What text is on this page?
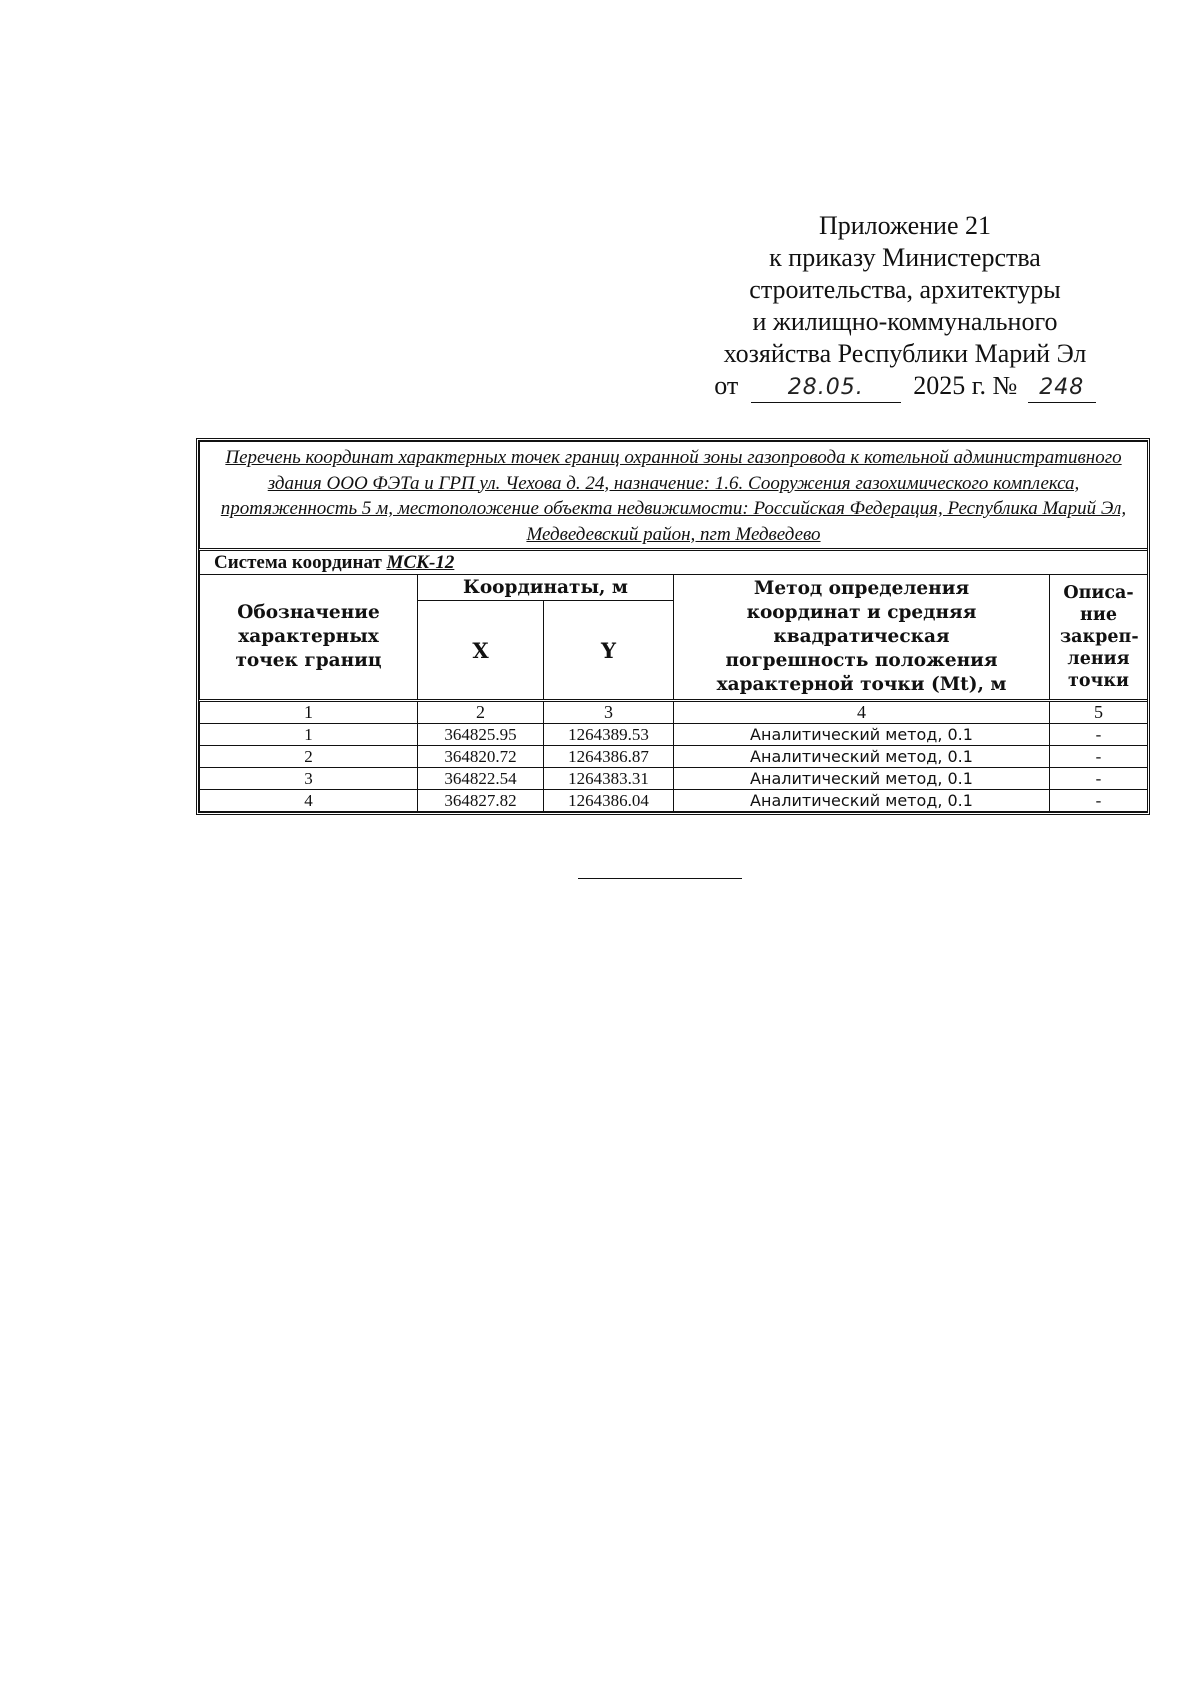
Приложение 21
к приказу Министерства
строительства, архитектуры
и жилищно-коммунального
хозяйства Республики Марий Эл
от 28.05. 2025 г. № 248
Перечень координат характерных точек границ охранной зоны газопровода к котельной административного здания ООО ФЭТа и ГРП ул. Чехова д. 24, назначение: 1.6. Сооружения газохимического комплекса, протяженность 5 м, местоположение объекта недвижимости: Российская Федерация, Республика Марий Эл, Медведевский район, пгт Медведево				
Система координат МСК-12				
Обозначение характерных точек границ	Координаты, м		Метод определения координат и средняя квадратическая погрешность положения характерной точки (Mt), м	Описа-ние закреп-ления точки
	X	Y		
1	2	3	4	5
1	364825.95	1264389.53	Аналитический метод, 0.1	-
2	364820.72	1264386.87	Аналитический метод, 0.1	-
3	364822.54	1264383.31	Аналитический метод, 0.1	-
4	364827.82	1264386.04	Аналитический метод, 0.1	-
